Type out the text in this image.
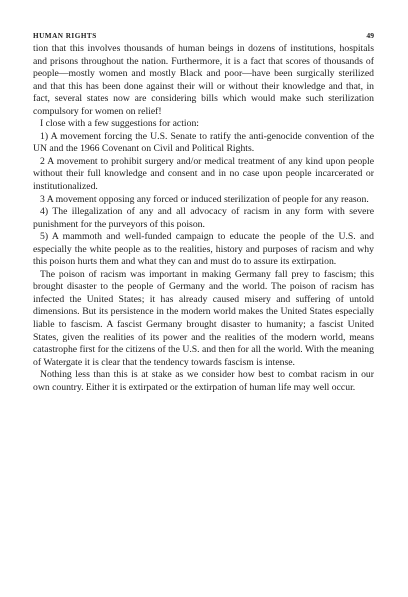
HUMAN RIGHTS	49

tion that this involves thousands of human beings in dozens of institutions, hospitals and prisons throughout the nation. Furthermore, it is a fact that scores of thousands of people—mostly women and mostly Black and poor—have been surgically sterilized and that this has been done against their will or without their knowledge and that, in fact, several states now are considering bills which would make such sterilization compulsory for women on relief!

I close with a few suggestions for action:

1) A movement forcing the U.S. Senate to ratify the anti-genocide convention of the UN and the 1966 Covenant on Civil and Political Rights.

2 A movement to prohibit surgery and/or medical treatment of any kind upon people without their full knowledge and consent and in no case upon people incarcerated or institutionalized.

3 A movement opposing any forced or induced sterilization of people for any reason.

4) The illegalization of any and all advocacy of racism in any form with severe punishment for the purveyors of this poison.

5) A mammoth and well-funded campaign to educate the people of the U.S. and especially the white people as to the realities, history and purposes of racism and why this poison hurts them and what they can and must do to assure its extirpation.

The poison of racism was important in making Germany fall prey to fascism; this brought disaster to the people of Germany and the world. The poison of racism has infected the United States; it has already caused misery and suffering of untold dimensions. But its persistence in the modern world makes the United States especially liable to fascism. A fascist Germany brought disaster to humanity; a fascist United States, given the realities of its power and the realities of the modern world, means catastrophe first for the citizens of the U.S. and then for all the world. With the meaning of Watergate it is clear that the tendency towards fascism is intense.

Nothing less than this is at stake as we consider how best to combat racism in our own country. Either it is extirpated or the extirpation of human life may well occur.
